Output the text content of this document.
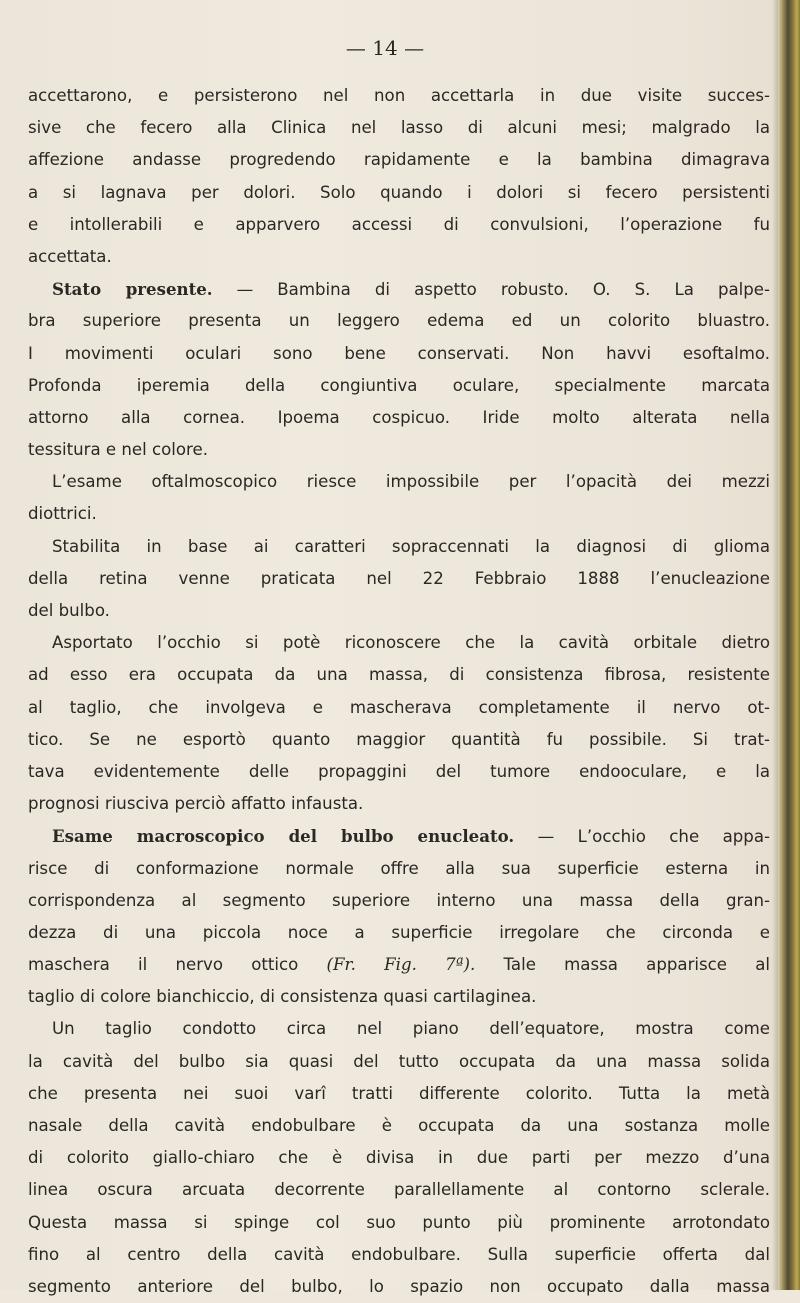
— 14 —

accettarono, e persisterono nel non accettarla in due visite succes-
sive che fecero alla Clinica nel lasso di alcuni mesi; malgrado la
affezione andasse progredendo rapidamente e la bambina dimagrava
a si lagnava per dolori. Solo quando i dolori si fecero persistenti
e intollerabili e apparvero accessi di convulsioni, l’operazione fu
accettata.
Stato presente. — Bambina di aspetto robusto. O. S. La palpe-
bra superiore presenta un leggero edema ed un colorito bluastro.
I movimenti oculari sono bene conservati. Non havvi esoftalmo.
Profonda iperemia della congiuntiva oculare, specialmente marcata
attorno alla cornea. Ipoema cospicuo. Iride molto alterata nella
tessitura e nel colore.
L’esame oftalmoscopico riesce impossibile per l’opacità dei mezzi
diottrici.
Stabilita in base ai caratteri sopraccennati la diagnosi di glioma
della retina venne praticata nel 22 Febbraio 1888 l’enucleazione
del bulbo.
Asportato l’occhio si potè riconoscere che la cavità orbitale dietro
ad esso era occupata da una massa, di consistenza fibrosa, resistente
al taglio, che involgeva e mascherava completamente il nervo ot-
tico. Se ne esportò quanto maggior quantità fu possibile. Si trat-
tava evidentemente delle propaggini del tumore endooculare, e la
prognosi riusciva perciò affatto infausta.
Esame macroscopico del bulbo enucleato. — L’occhio che appa-
risce di conformazione normale offre alla sua superficie esterna in
corrispondenza al segmento superiore interno una massa della gran-
dezza di una piccola noce a superficie irregolare che circonda e
maschera il nervo ottico (Fr. Fig. 7ª). Tale massa apparisce al
taglio di colore bianchiccio, di consistenza quasi cartilaginea.
Un taglio condotto circa nel piano dell’equatore, mostra come
la cavità del bulbo sia quasi del tutto occupata da una massa solida
che presenta nei suoi varî tratti differente colorito. Tutta la metà
nasale della cavità endobulbare è occupata da una sostanza molle
di colorito giallo-chiaro che è divisa in due parti per mezzo d’una
linea oscura arcuata decorrente parallellamente al contorno sclerale.
Questa massa si spinge col suo punto più prominente arrotondato
fino al centro della cavità endobulbare. Sulla superficie offerta dal
segmento anteriore del bulbo, lo spazio non occupato dalla massa
